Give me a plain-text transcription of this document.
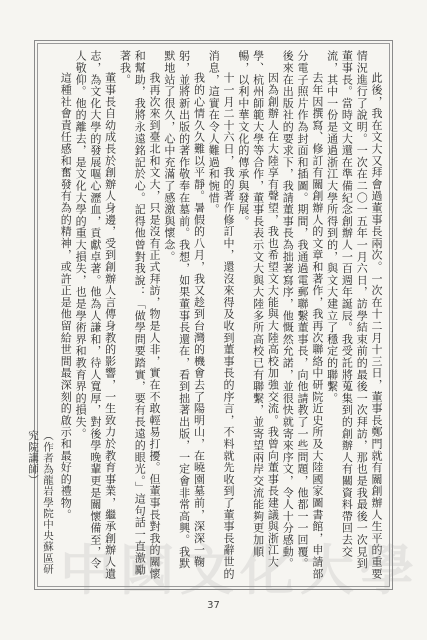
此後，我在文大又拜會過董事長兩次。一次在十二月十三日，董事長鄭門就有關創辦人生平的重要情況進行了說明。一次在二〇一五年一月六日，訪學結束前的最後一次拜訪，那也是我最後一次見到董事長。當時文大還在準備紀念創辦人一百週年誕辰。我受託將蒐集到的創辦人有關資料帶回去交流，其中一份是通過浙江大學所得到的，與文大建立了穩定的聯繫。

去年因撰寫、修訂有關創辦人的文章和著作，我再次聯絡中研院近史所及大陸國家圖書館，申請部分電子照片作為封面和插圖。期間，我通過電郵聯繫董事長，向他請教了一些問題，他都一一回覆。後來在出版社的要求下，我請董事長為拙著寫序，他慨然允諾，並很快就寄來序文，令人十分感動。

因為創辦人在大陸享有聲望，我也希望文大能與大陸高校加強交流。我曾向董事長建議與浙江大學、杭州師範大學等合作，董事長表示文大與大陸多所高校已有聯繫，並寄望兩岸交流能夠更加順暢，以利中華文化的傳承與發展。

十一月二十六日，我的著作修訂中，還沒來得及收到董事長的序言，不料就先收到了董事長辭世的消息，這實在令人難過和惋惜。

我的心情久久難以平靜。暑假的八月，我又趁到台灣的機會去了陽明山，在曉園墓前，深深一鞠躬，並將新出版的著作敬奉在墓前。我想，如果董事長還在，看到拙著出版，一定會非常高興。我默默地站了很久，心中充滿了感激與懷念。

我再次來到臺北和文大，只是沒有正式拜訪，物是人非，實在不敢輕易打擾。但董事長對我的關懷和幫助，我將永遠銘記於心。記得他曾對我說：「做學問要踏實，要有長遠的眼光。」這句話一直激勵著我。

董事長自幼成長於創辦人身邊，受到創辦人言傳身教的影響，一生致力於教育事業，繼承創辦人遺志，為文化大學的發展嘔心瀝血，貢獻卓著。他為人謙和，待人寬厚，對後學晚輩更是關懷備至，令人敬仰。他的離去，是文化大學的重大損失，也是學術界和教育界的損失。

這種社會責任感和奮發有為的精神，或許正是他留給世間最深刻的啟示和最好的禮物。

（作者為龍岩學院中央蘇區研究院講師）
中國文化大學
37
